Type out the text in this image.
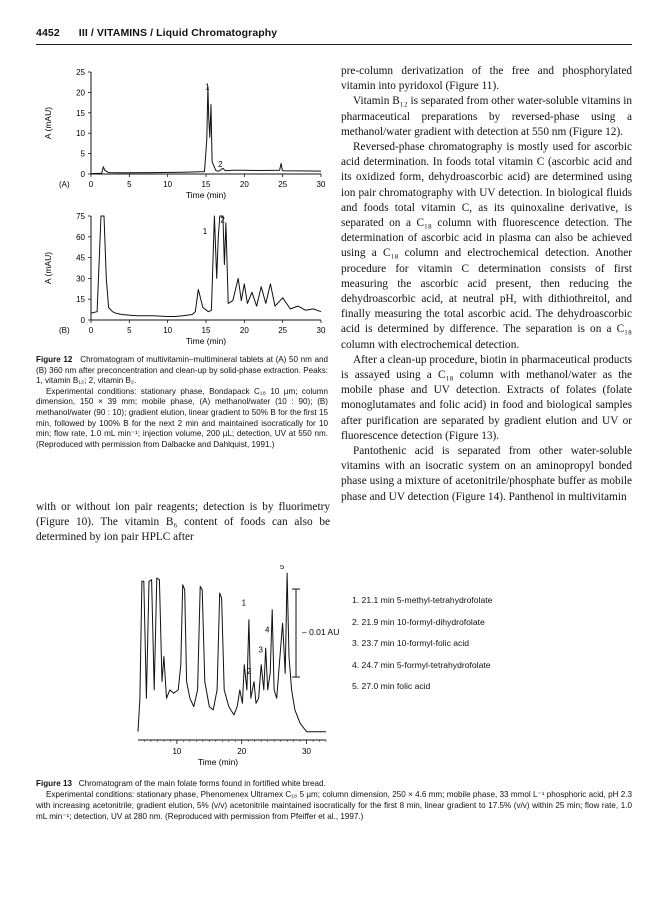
4452 III / VITAMINS / Liquid Chromatography
0	5	10	15	20	25	30
0
5
10
15
20
25
A (mAU)
Time (min)
(A)
1
2
0	5	10	15	20	25	30
0
15
30
45
60
75
A (mAU)
Time (min)
(B)
1
2

Figure 12 Chromatogram of multivitamin–multimineral tablets at (A) 50 nm and (B) 360 nm after preconcentration and clean-up by solid-phase extraction. Peaks: 1, vitamin B₁₂; 2, vitamin B₂.

Experimental conditions: stationary phase, Bondapack C₁₈ 10 µm; column dimension, 150 × 39 mm; mobile phase, (A) methanol/water (10 : 90); (B) methanol/water (90 : 10); gradient elution, linear gradient to 50% B for the first 15 min, followed by 100% B for the next 2 min and maintained isocratically for 10 min; flow rate, 1.0 mL min⁻¹; injection volume, 200 µL; detection, UV at 550 nm. (Reproduced with permission from Dalbacke and Dahlquist, 1991.)

with or without ion pair reagents; detection is by fluorimetry (Figure 10). The vitamin B₆ content of foods can also be determined by ion pair HPLC after

pre-column derivatization of the free and phosphorylated vitamin into pyridoxol (Figure 11).

Vitamin B₁₂ is separated from other water-soluble vitamins in pharmaceutical preparations by reversed-phase using a methanol/water gradient with detection at 550 nm (Figure 12).

Reversed-phase chromatography is mostly used for ascorbic acid determination. In foods total vitamin C (ascorbic acid and its oxidized form, dehydroascorbic acid) are determined using ion pair chromatography with UV detection. In biological fluids and foods total vitamin C, as its quinoxaline derivative, is separated on a C₁₈ column with fluorescence detection. The determination of ascorbic acid in plasma can also be achieved using a C₁₈ column and electrochemical detection. Another procedure for vitamin C determination consists of first measuring the ascorbic acid present, then reducing the dehydroascorbic acid, at neutral pH, with dithiothreitol, and finally measuring the total ascorbic acid. The dehydroascorbic acid is determined by difference. The separation is on a C₁₈ column with electrochemical detection.

After a clean-up procedure, biotin in pharmaceutical products is assayed using a C₁₈ column with methanol/water as the mobile phase and UV detection. Extracts of folates (folate monoglutamates and folic acid) in food and biological samples after purification are separated by gradient elution and UV or fluorescence detection (Figure 13).

Pantothenic acid is separated from other water-soluble vitamins with an isocratic system on an aminopropyl bonded phase using a mixture of acetonitrile/phosphate buffer as mobile phase and UV detection (Figure 14). Panthenol in multivitamin

10	20	30
Time (min)
1
2
3
4
5
– 0.01 AU
1. 21.1 min 5-methyl-tetrahydrofolate
2. 21.9 min 10-formyl-dihydrofolate
3. 23.7 min 10-formyl-folic acid
4. 24.7 min 5-formyl-tetrahydrofolate
5. 27.0 min folic acid

Figure 13 Chromatogram of the main folate forms found in fortified white bread.

Experimental conditions: stationary phase, Phenomenex Ultramex C₁₈ 5 µm; column dimension, 250 × 4.6 mm; mobile phase, 33 mmol L⁻¹ phosphoric acid, pH 2.3 with increasing acetonitrile; gradient elution, 5% (v/v) acetonitrile maintained isocratically for the first 8 min, linear gradient to 17.5% (v/v) within 25 min; flow rate, 1.0 mL min⁻¹; detection, UV at 280 nm. (Reproduced with permission from Pfeiffer et al., 1997.)
